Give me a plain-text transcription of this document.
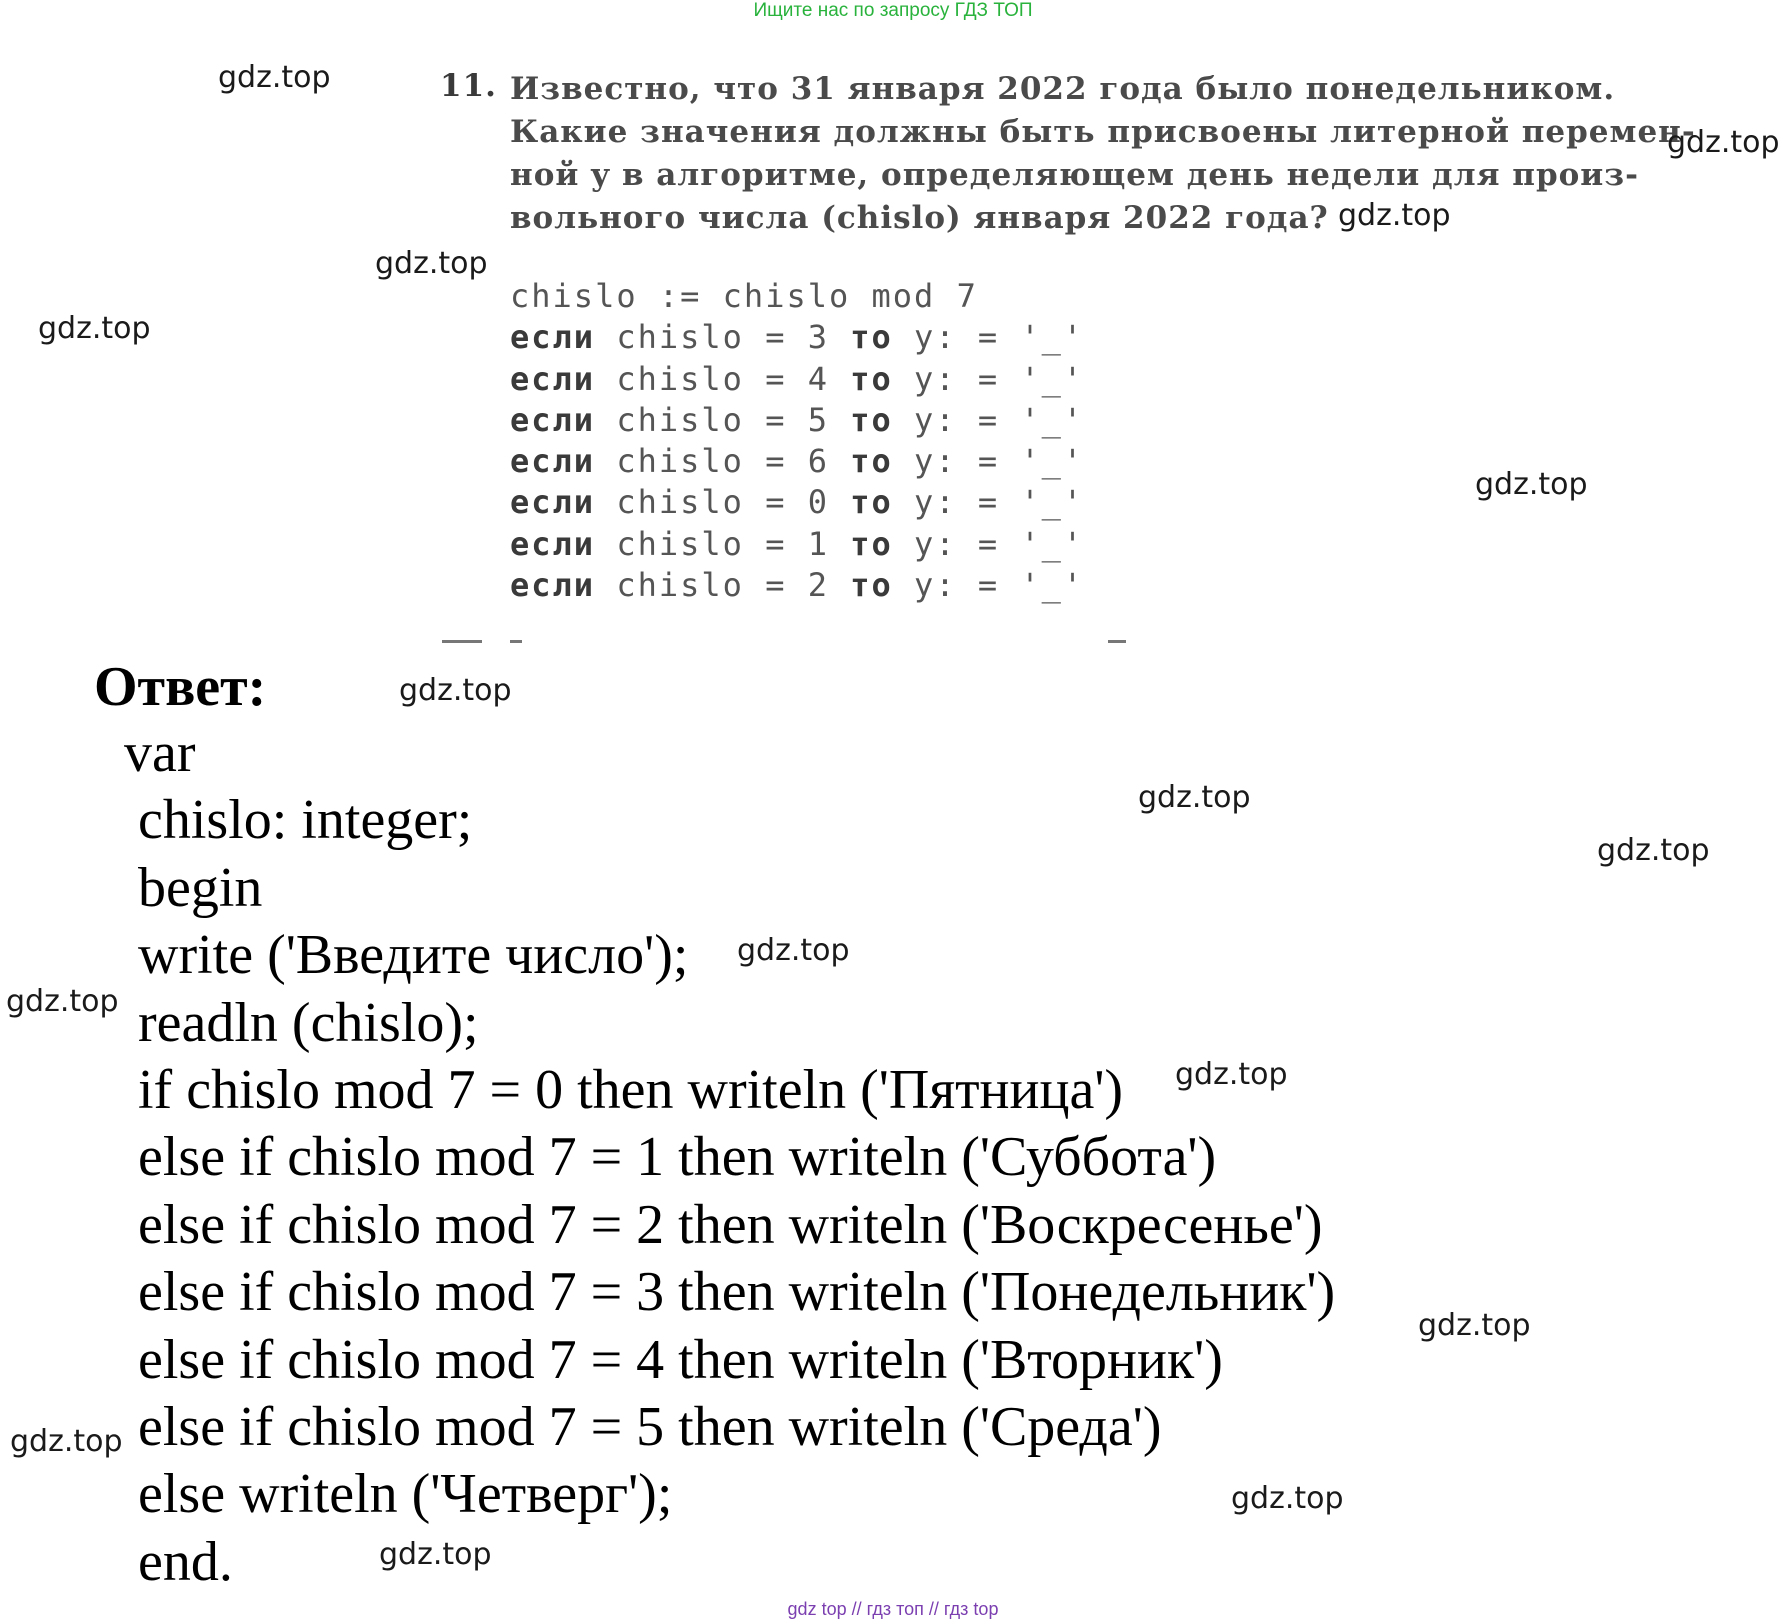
Ищите нас по запросу ГДЗ ТОП
11. Известно, что 31 января 2022 года было понедельником.
Какие значения должны быть присвоены литерной перемен-
ной y в алгоритме, определяющем день недели для произ-
вольного числа (chislo) января 2022 года?
chislo := chislo mod 7
если chislo = 3 то y: = '_'
если chislo = 4 то y: = '_'
если chislo = 5 то y: = '_'
если chislo = 6 то y: = '_'
если chislo = 0 то y: = '_'
если chislo = 1 то y: = '_'
если chislo = 2 то y: = '_'
Ответ:
var
chislo: integer;
begin
write ('Введите число');
readln (chislo);
if chislo mod 7 = 0 then writeln ('Пятница')
else if chislo mod 7 = 1 then writeln ('Суббота')
else if chislo mod 7 = 2 then writeln ('Воскресенье')
else if chislo mod 7 = 3 then writeln ('Понедельник')
else if chislo mod 7 = 4 then writeln ('Вторник')
else if chislo mod 7 = 5 then writeln ('Среда')
else writeln ('Четверг');
end.
gdz.top
gdz.top
gdz.top
gdz.top
gdz.top
gdz.top
gdz.top
gdz.top
gdz.top
gdz.top
gdz.top
gdz.top
gdz.top
gdz.top
gdz.top
gdz.top
gdz top // гдз топ // гдз top
